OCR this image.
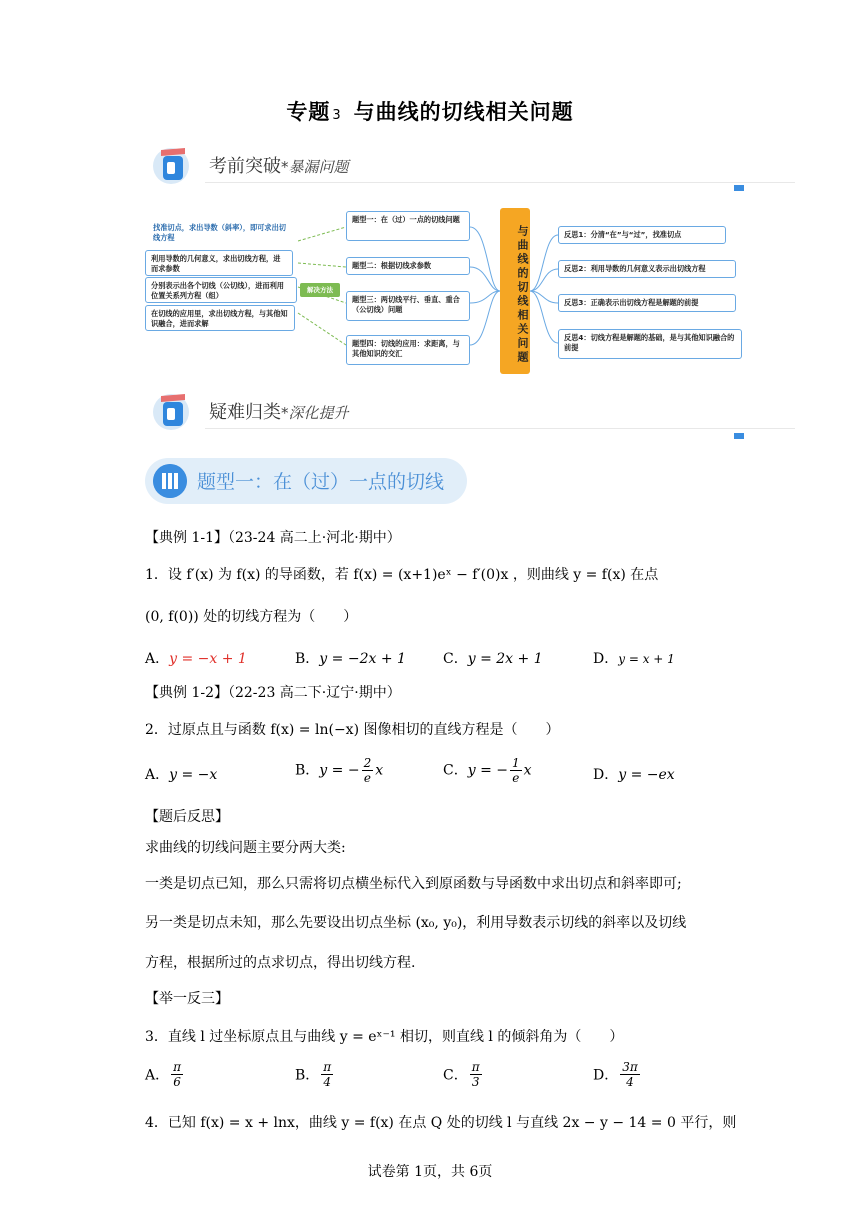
专题 3 与曲线的切线相关问题
考前突破*暴漏问题
找准切点，求出导数（斜率），即可求出切线方程
利用导数的几何意义，求出切线方程，进而求参数
分别表示出各个切线（公切线），进而利用位置关系列方程（组）
在切线的应用里，求出切线方程，与其他知识融合，进而求解
解决方法
题型一：在（过）一点的切线问题
题型二：根据切线求参数
题型三：两切线平行、垂直、重合（公切线）问题
题型四：切线的应用：求距离，与其他知识的交汇	与曲线的切线相关问题	反思1：分清“在”与“过”，找准切点
反思2：利用导数的几何意义表示出切线方程
反思3：正确表示出切线方程是解题的前提
反思4：切线方程是解题的基础，是与其他知识融合的前提
疑难归类*深化提升
题型一：在（过）一点的切线
【典例 1-1】（23-24 高二上·河北·期中）
1．设 f′(x) 为 f(x) 的导函数，若 f(x) = (x+1)eˣ − f′(0)x ，则曲线 y = f(x) 在点
(0, f(0)) 处的切线方程为（　　）
A．y = −x + 1	B．y = −2x + 1	C．y = 2x + 1	D．y = x + 1
【典例 1-2】（22-23 高二下·辽宁·期中）
2．过原点且与函数 f(x) = ln(−x) 图像相切的直线方程是（　　）
A．y = −x	B．y = − $\frac{2}{e}$ x	C．y = − $\frac{1}{e}$ x	D．y = −ex
【题后反思】
求曲线的切线问题主要分两大类:
一类是切点已知，那么只需将切点横坐标代入到原函数与导函数中求出切点和斜率即可;
另一类是切点未知，那么先要设出切点坐标 (x₀, y₀)，利用导数表示切线的斜率以及切线
方程，根据所过的点求切点，得出切线方程.
【举一反三】
3．直线 l 过坐标原点且与曲线 y = eˣ⁻¹ 相切，则直线 l 的倾斜角为（　　）
A． $\frac{\pi}{6}$	B． $\frac{\pi}{4}$	C． $\frac{\pi}{3}$	D． $\frac{3\pi}{4}$
4．已知 f(x) = x + lnx，曲线 y = f(x) 在点 Q 处的切线 l 与直线 2x − y − 14 = 0 平行，则
试卷第 1页，共 6页
